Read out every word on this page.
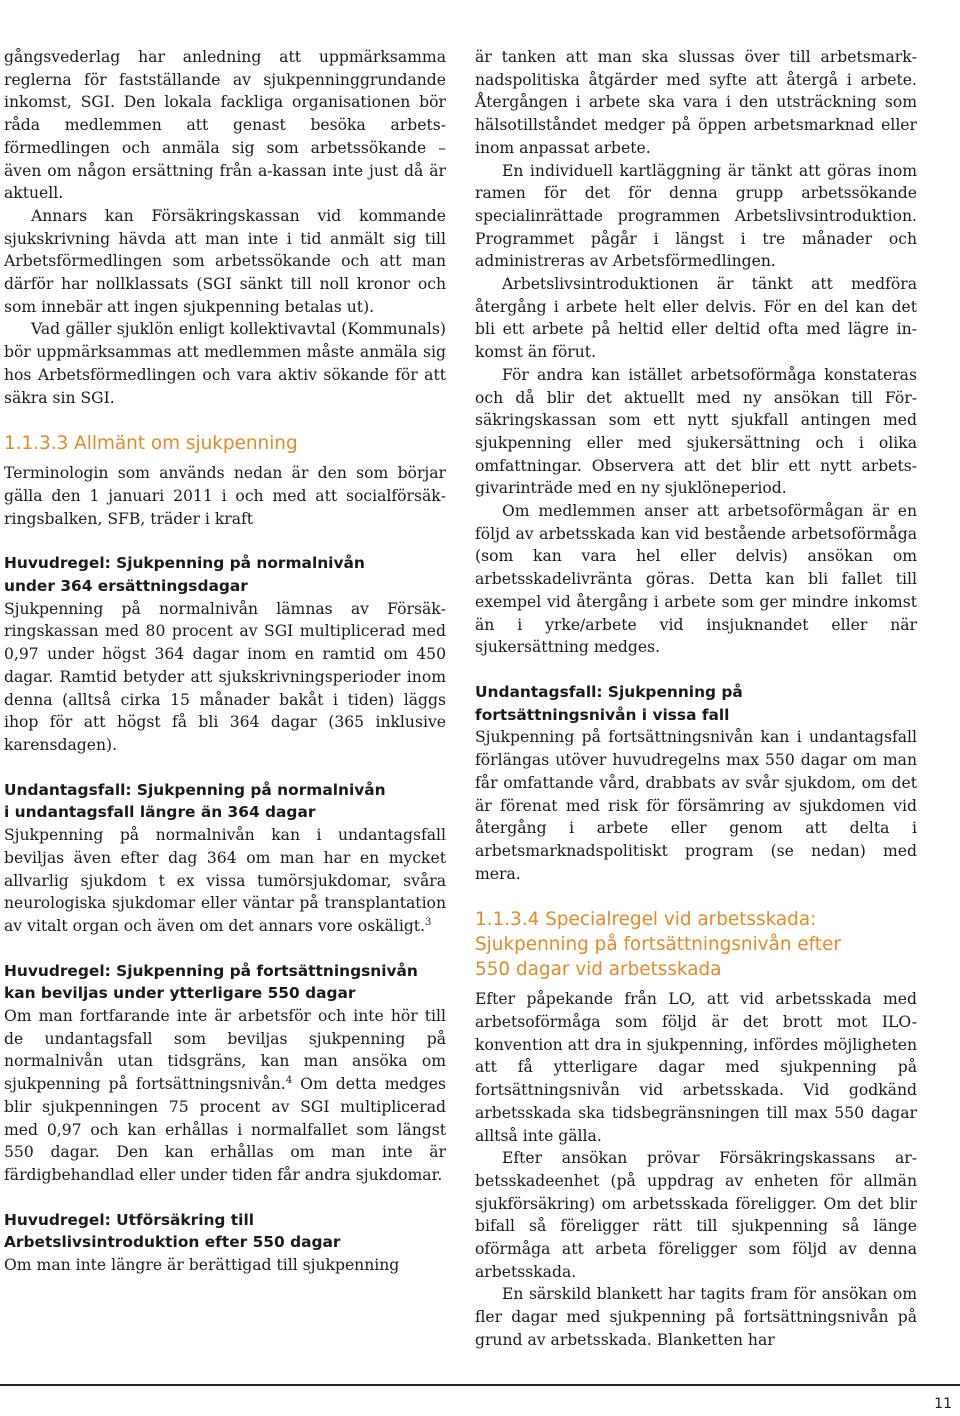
gångsvederlag har anledning att uppmärksamma reglerna för fastställande av sjukpenninggrundande inkomst, SGI. Den lokala fackliga organisationen bör råda medlemmen att genast besöka arbetsförmedlingen och anmäla sig som arbetssökande – även om någon ersättning från a-kassan inte just då är aktuell.

Annars kan Försäkringskassan vid kommande sjukskrivning hävda att man inte i tid anmält sig till Arbetsförmedlingen som arbetssökande och att man därför har nollklassats (SGI sänkt till noll kronor och som innebär att ingen sjukpenning betalas ut).

Vad gäller sjuklön enligt kollektivavtal (Kommunals) bör uppmärksammas att medlemmen måste anmäla sig hos Arbetsförmedlingen och vara aktiv sökande för att säkra sin SGI.

1.1.3.3 Allmänt om sjukpenning

Terminologin som används nedan är den som börjar gälla den 1 januari 2011 i och med att socialförsäkringsbalken, SFB, träder i kraft

Huvudregel: Sjukpenning på normalnivån
under 364 ersättningsdagar

Sjukpenning på normalnivån lämnas av Försäkringskassan med 80 procent av SGI multiplicerad med 0,97 under högst 364 dagar inom en ramtid om 450 dagar. Ramtid betyder att sjukskrivningsperioder inom denna (alltså cirka 15 månader bakåt i tiden) läggs ihop för att högst få bli 364 dagar (365 inklusive karensdagen).

Undantagsfall: Sjukpenning på normalnivån
i undantagsfall längre än 364 dagar

Sjukpenning på normalnivån kan i undantagsfall beviljas även efter dag 364 om man har en mycket allvarlig sjukdom t ex vissa tumörsjukdomar, svåra neurologiska sjukdomar eller väntar på transplantation av vitalt organ och även om det annars vore oskäligt.$^3$

Huvudregel: Sjukpenning på fortsättningsnivån
kan beviljas under ytterligare 550 dagar

Om man fortfarande inte är arbetsför och inte hör till de undantagsfall som beviljas sjukpenning på normalnivån utan tidsgräns, kan man ansöka om sjukpenning på fortsättningsnivån.$^4$ Om detta medges blir sjukpenningen 75 procent av SGI multiplicerad med 0,97 och kan erhållas i normalfallet som längst 550 dagar. Den kan erhållas om man inte är färdigbehandlad eller under tiden får andra sjukdomar.

Huvudregel: Utförsäkring till
Arbetslivsintroduktion efter 550 dagar

Om man inte längre är berättigad till sjukpenning

är tanken att man ska slussas över till arbetsmarknadspolitiska åtgärder med syfte att återgå i arbete. Återgången i arbete ska vara i den utsträckning som hälsotillståndet medger på öppen arbetsmarknad eller inom anpassat arbete.

En individuell kartläggning är tänkt att göras inom ramen för det för denna grupp arbetssökande specialinrättade programmen Arbetslivsintroduktion. Programmet pågår i längst i tre månader och administreras av Arbetsförmedlingen.

Arbetslivsintroduktionen är tänkt att medföra återgång i arbete helt eller delvis. För en del kan det bli ett arbete på heltid eller deltid ofta med lägre inkomst än förut.

För andra kan istället arbetsoförmåga konstateras och då blir det aktuellt med ny ansökan till Försäkringskassan som ett nytt sjukfall antingen med sjukpenning eller med sjukersättning och i olika omfattningar. Observera att det blir ett nytt arbetsgivarinträde med en ny sjuklöneperiod.

Om medlemmen anser att arbetsoförmågan är en följd av arbetsskada kan vid bestående arbetsoförmåga (som kan vara hel eller delvis) ansökan om arbetsskadelivränta göras. Detta kan bli fallet till exempel vid återgång i arbete som ger mindre inkomst än i yrke/arbete vid insjuknandet eller när sjukersättning medges.

Undantagsfall: Sjukpenning på
fortsättningsnivån i vissa fall

Sjukpenning på fortsättningsnivån kan i undantagsfall förlängas utöver huvudregelns max 550 dagar om man får omfattande vård, drabbats av svår sjukdom, om det är förenat med risk för försämring av sjukdomen vid återgång i arbete eller genom att delta i arbetsmarknadspolitiskt program (se nedan) med mera.

1.1.3.4 Specialregel vid arbetsskada:
Sjukpenning på fortsättningsnivån efter
550 dagar vid arbetsskada

Efter påpekande från LO, att vid arbetsskada med arbetsoförmåga som följd är det brott mot ILO-konvention att dra in sjukpenning, infördes möjligheten att få ytterligare dagar med sjukpenning på fortsättningsnivån vid arbetsskada. Vid godkänd arbetsskada ska tidsbegränsningen till max 550 dagar alltså inte gälla.

Efter ansökan prövar Försäkringskassans arbetsskadeenhet (på uppdrag av enheten för allmän sjukförsäkring) om arbetsskada föreligger. Om det blir bifall så föreligger rätt till sjukpenning så länge oförmåga att arbeta föreligger som följd av denna arbetsskada.

En särskild blankett har tagits fram för ansökan om fler dagar med sjukpenning på fortsättningsnivån på grund av arbetsskada. Blanketten har

11
